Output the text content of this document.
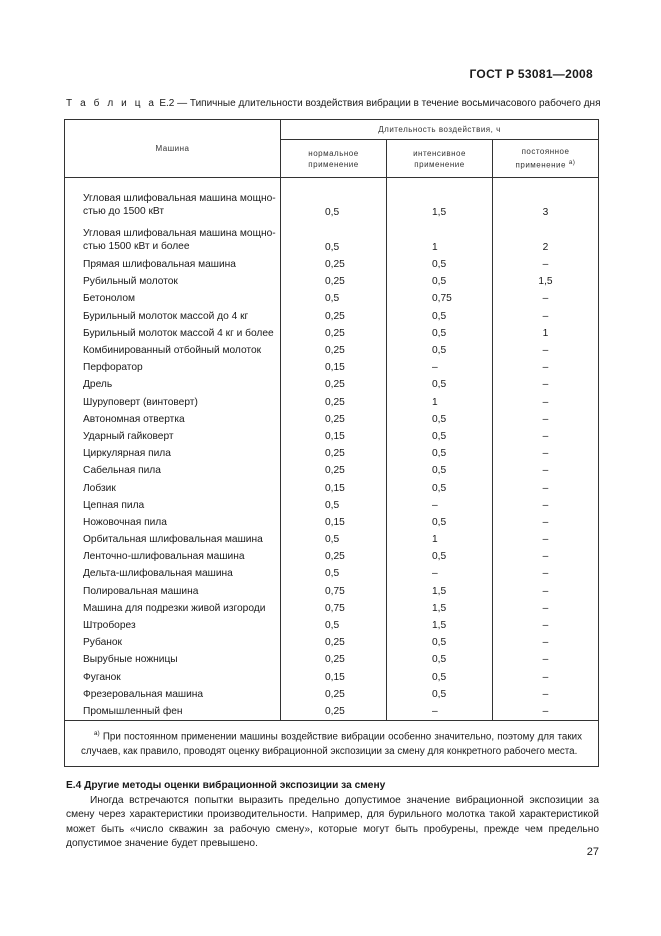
ГОСТ Р 53081—2008
Т а б л и ц а Е.2 — Типичные длительности воздействия вибрации в течение восьмичасового рабочего дня
Машина	Длительность воздействия, ч		
	нормальное применение	интенсивное применение	постоянное применение $^{а)}$

Угловая шлифовальная машина мощно-стью до 1500 кВт	0,5	1,5	3
Угловая шлифовальная машина мощно-стью 1500 кВт и более	0,5	1	2
Прямая шлифовальная машина	0,25	0,5	–
Рубильный молоток	0,25	0,5	1,5
Бетонолом	0,5	0,75	–
Бурильный молоток массой до 4 кг	0,25	0,5	–
Бурильный молоток массой 4 кг и более	0,25	0,5	1
Комбинированный отбойный молоток	0,25	0,5	–
Перфоратор	0,15	–	–
Дрель	0,25	0,5	–
Шуруповерт (винтоверт)	0,25	1	–
Автономная отвертка	0,25	0,5	–
Ударный гайковерт	0,15	0,5	–
Циркулярная пила	0,25	0,5	–
Сабельная пила	0,25	0,5	–
Лобзик	0,15	0,5	–
Цепная пила	0,5	–	–
Ножовочная пила	0,15	0,5	–
Орбитальная шлифовальная машина	0,5	1	–
Ленточно-шлифовальная машина	0,25	0,5	–
Дельта-шлифовальная машина	0,5	–	–
Полировальная машина	0,75	1,5	–
Машина для подрезки живой изгороди	0,75	1,5	–
Штроборез	0,5	1,5	–
Рубанок	0,25	0,5	–
Вырубные ножницы	0,25	0,5	–
Фуганок	0,15	0,5	–
Фрезеровальная машина	0,25	0,5	–
Промышленный фен	0,25	–	–
$^{а)}$ При постоянном применении машины воздействие вибрации особенно значительно, поэтому для таких случаев, как правило, проводят оценку вибрационной экспозиции за смену для конкретного рабочего места.			
Е.4 Другие методы оценки вибрационной экспозиции за смену
Иногда встречаются попытки выразить предельно допустимое значение вибрационной экспозиции за смену через характеристики производительности. Например, для бурильного молотка такой характеристикой может быть «число скважин за рабочую смену», которые могут быть пробурены, прежде чем предельно допустимое значение будет превышено.
27
